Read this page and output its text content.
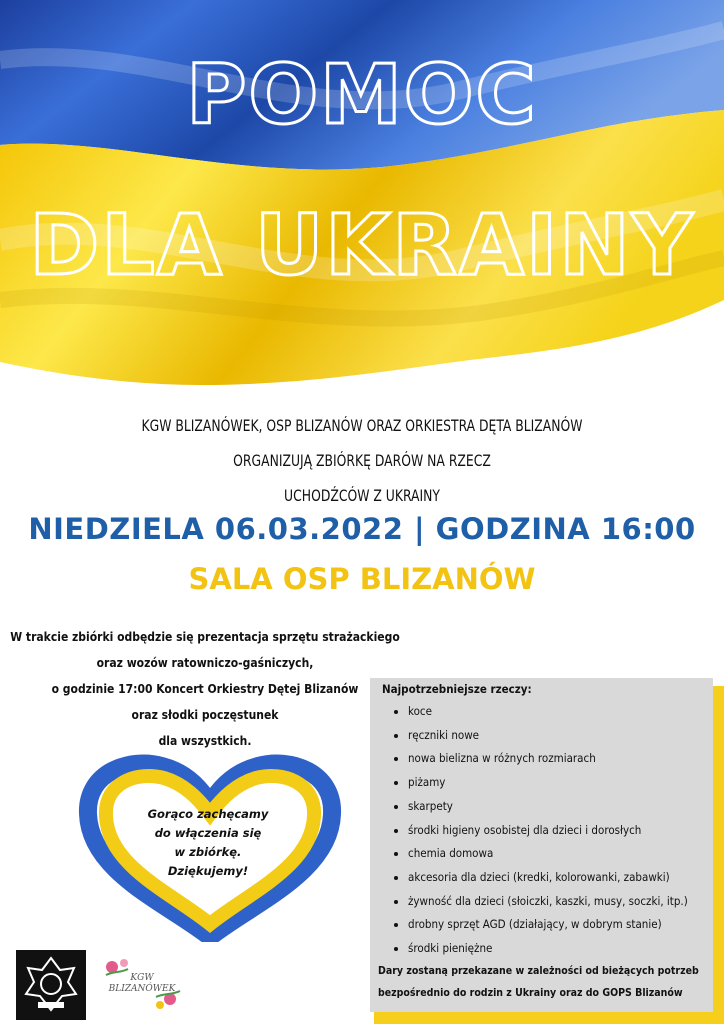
POMOC
DLA UKRAINY
KGW BLIZANÓWEK, OSP BLIZANÓW ORAZ ORKIESTRA DĘTA BLIZANÓW
ORGANIZUJĄ ZBIÓRKĘ DARÓW NA RZECZ
UCHODŹCÓW Z UKRAINY
NIEDZIELA 06.03.2022 | GODZINA 16:00
SALA OSP BLIZANÓW
W trakcie zbiórki odbędzie się prezentacja sprzętu strażackiego
oraz wozów ratowniczo-gaśniczych,
o godzinie 17:00 Koncert Orkiestry Dętej Blizanów
oraz słodki poczęstunek
dla wszystkich.
Gorąco zachęcamy
do włączenia się
w zbiórkę.
Dziękujemy!
Najpotrzebniejsze rzeczy:
• koce
• ręczniki nowe
• nowa bielizna w różnych rozmiarach
• piżamy
• skarpety
• środki higieny osobistej dla dzieci i dorosłych
• chemia domowa
• akcesoria dla dzieci (kredki, kolorowanki, zabawki)
• żywność dla dzieci (słoiczki, kaszki, musy, soczki, itp.)
• drobny sprzęt AGD (działający, w dobrym stanie)
• środki pieniężne
Dary zostaną przekazane w zależności od bieżących potrzeb
bezpośrednio do rodzin z Ukrainy oraz do GOPS Blizanów
KGW
BLIZANÓWEK
